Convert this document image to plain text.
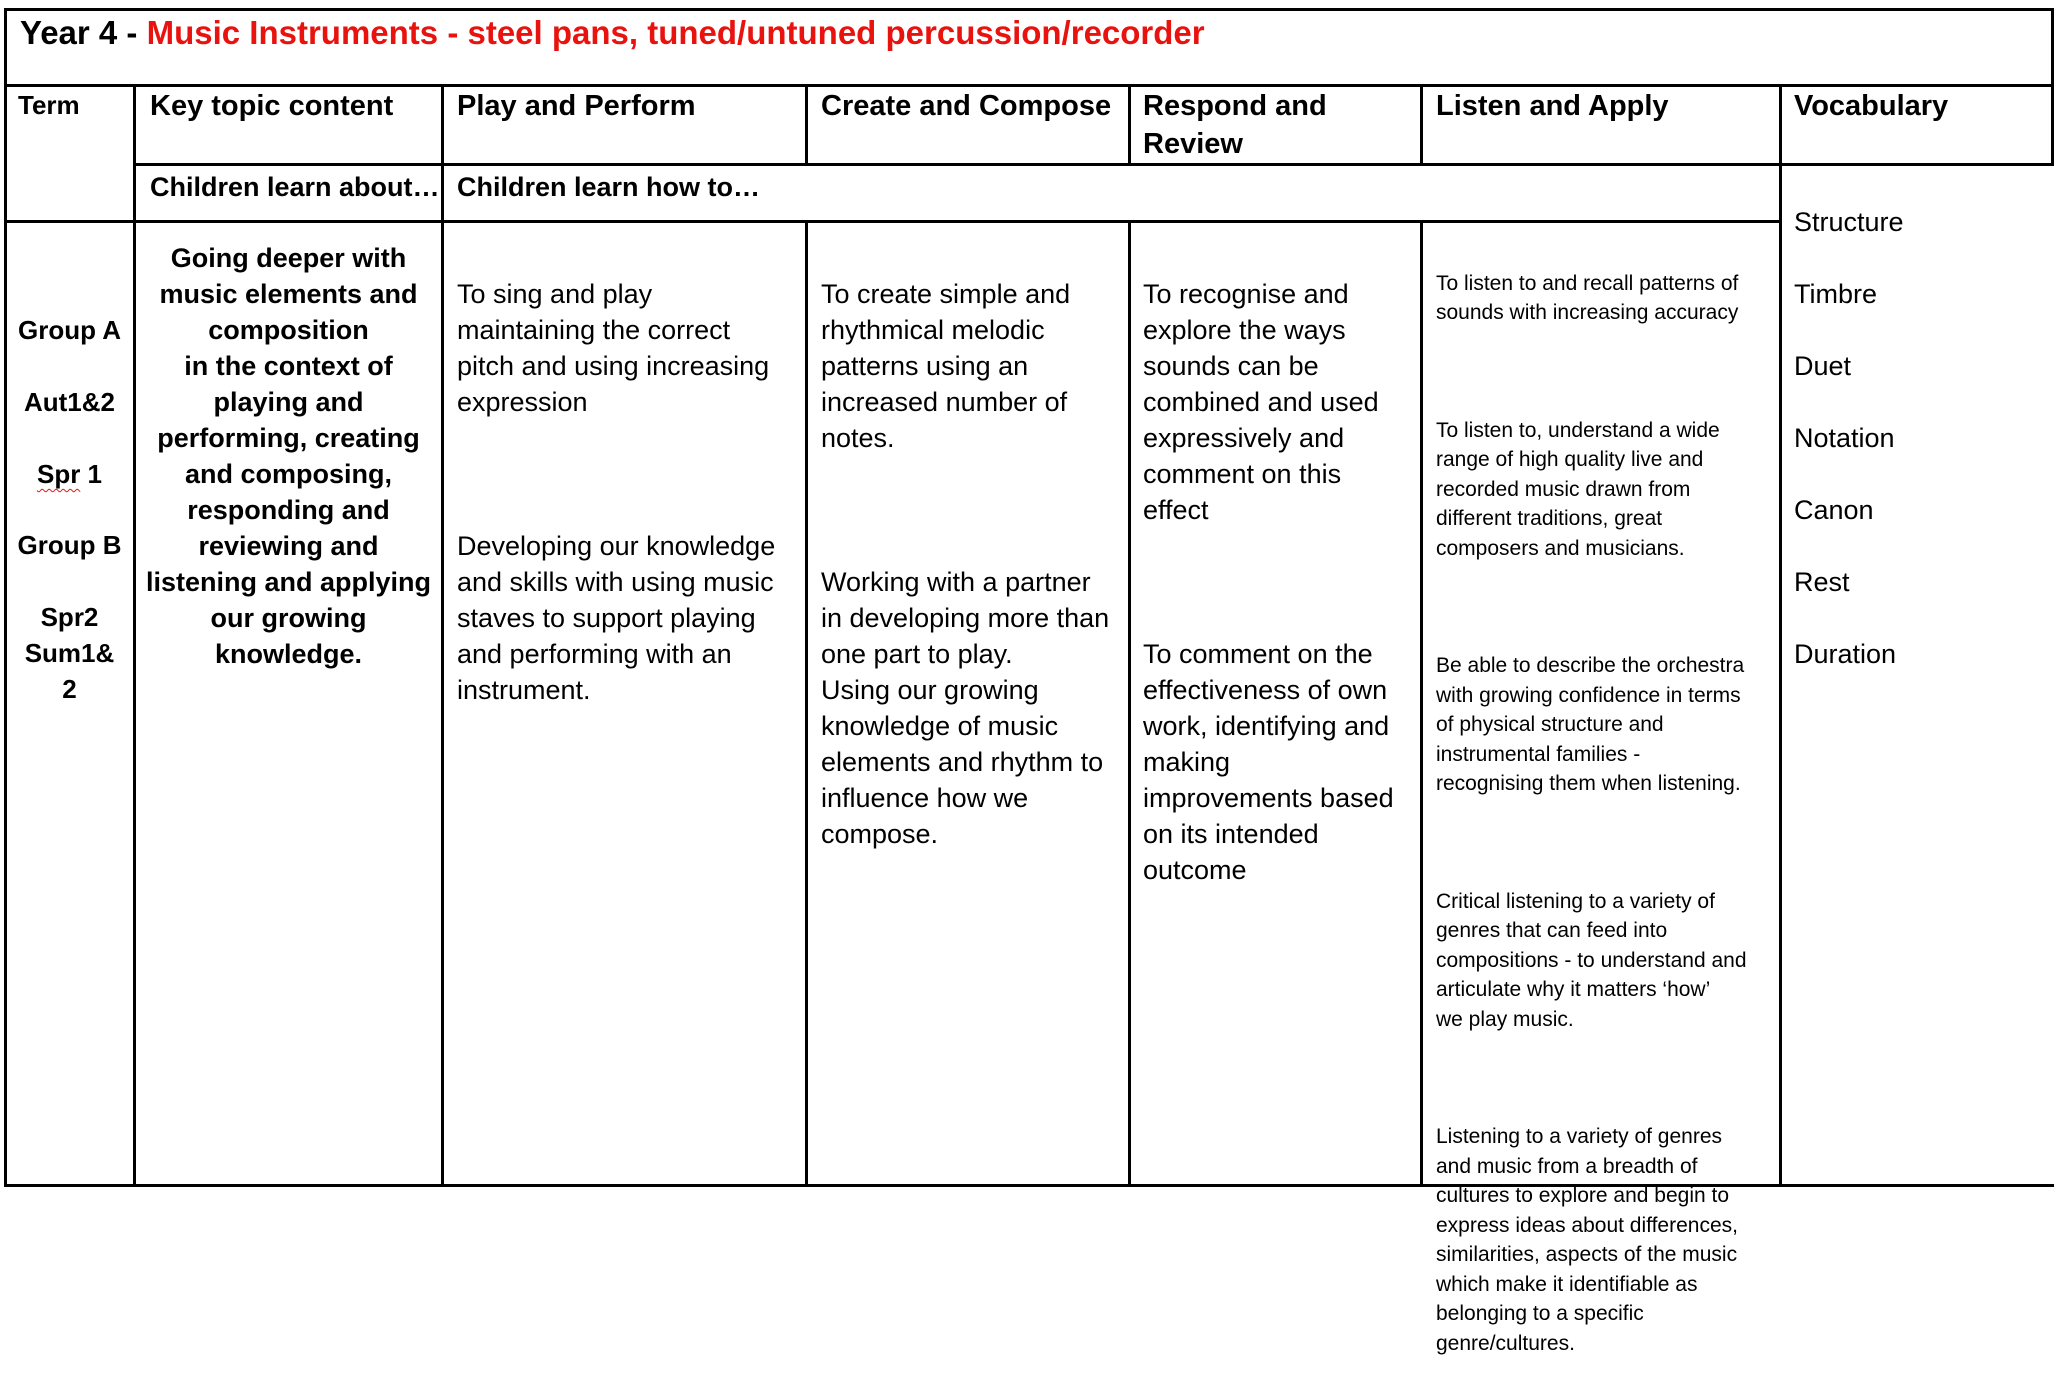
Year 4 - Music Instruments - steel pans, tuned/untuned percussion/recorder
Term Key topic content Play and Perform	Create and Compose Respond and
Review
Listen and Apply	Vocabulary
Children learn about… Children learn how to…

Group A

Aut1&2

Spr 1

Group B

Spr2
Sum1&
2

Going deeper with
music elements and
composition
in the context of
playing and
performing, creating
and composing,
responding and
reviewing and
listening and applying
our growing
knowledge.

To sing and play
maintaining the correct
pitch and using increasing
expression

Developing our knowledge
and skills with using music
staves to support playing
and performing with an
instrument.

To create simple and
rhythmical melodic
patterns using an
increased number of
notes.

Working with a partner
in developing more than
one part to play.
Using our growing
knowledge of music
elements and rhythm to
influence how we
compose.

To recognise and
explore the ways
sounds can be
combined and used
expressively and
comment on this
effect

To comment on the
effectiveness of own
work, identifying and
making
improvements based
on its intended
outcome

To listen to and recall patterns of
sounds with increasing accuracy

To listen to, understand a wide
range of high quality live and
recorded music drawn from
different traditions, great
composers and musicians.

Be able to describe the orchestra
with growing confidence in terms
of physical structure and
instrumental families -
recognising them when listening.

Critical listening to a variety of
genres that can feed into
compositions - to understand and
articulate why it matters ‘how’
we play music.

Listening to a variety of genres
and music from a breadth of
cultures to explore and begin to
express ideas about differences,
similarities, aspects of the music
which make it identifiable as
belonging to a specific
genre/cultures.

Structure

Timbre

Duet

Notation

Canon

Rest

Duration
